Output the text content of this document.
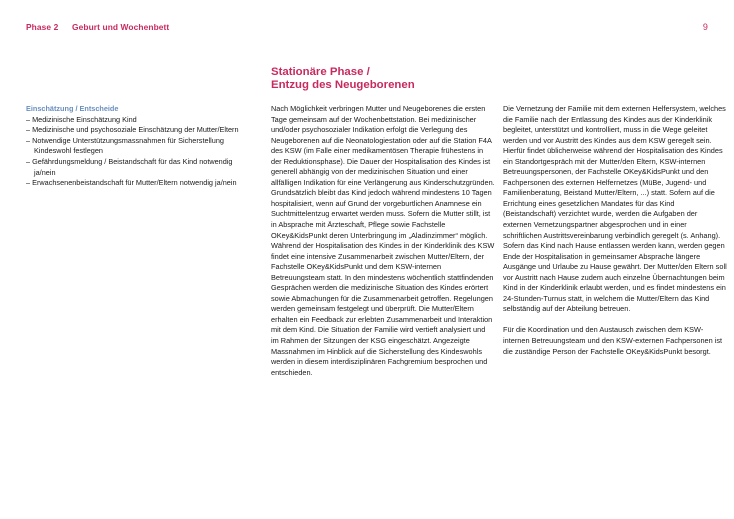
Phase 2 Geburt und Wochenbett	9
Stationäre Phase /
Entzug des Neugeborenen
Einschätzung / Entscheide
– Medizinische Einschätzung Kind
– Medizinische und psychosoziale Einschätzung der Mutter/Eltern
– Notwendige Unterstützungsmassnahmen für Sicherstellung Kindeswohl festlegen
– Gefährdungsmeldung / Beistandschaft für das Kind notwendig ja/nein
– Erwachsenenbeistandschaft für Mutter/Eltern notwendig ja/nein

Nach Möglichkeit verbringen Mutter und Neugeborenes die ersten Tage gemeinsam auf der Wochenbettstation. Bei medizinischer und/oder psychosozialer Indikation erfolgt die Verlegung des Neugeborenen auf die Neonatologiestation oder auf die Station F4A des KSW (im Falle einer medikamentösen Therapie frühestens in der Reduktionsphase). Die Dauer der Hospitalisation des Kindes ist generell abhängig von der medizinischen Situation und einer allfälligen Indikation für eine Verlängerung aus Kinderschutzgründen. Grundsätzlich bleibt das Kind jedoch während mindestens 10 Tagen hospitalisiert, wenn auf Grund der vorgeburtlichen Anamnese ein Suchtmittelentzug erwartet werden muss. Sofern die Mutter stillt, ist in Absprache mit Ärzteschaft, Pflege sowie Fachstelle OKey&KidsPunkt deren Unterbringung im „Aladinzimmer“ möglich. Während der Hospitalisation des Kindes in der Kinderklinik des KSW findet eine intensive Zusammenarbeit zwischen Mutter/Eltern, der Fachstelle OKey&KidsPunkt und dem KSW-internen Betreuungsteam statt. In den mindestens wöchentlich stattfindenden Gesprächen werden die medizinische Situation des Kindes erörtert sowie Abmachungen für die Zusammenarbeit getroffen. Regelungen werden gemeinsam festgelegt und überprüft. Die Mutter/Eltern erhalten ein Feedback zur erlebten Zusammenarbeit und Interaktion mit dem Kind. Die Situation der Familie wird vertieft analysiert und im Rahmen der Sitzungen der KSG eingeschätzt. Angezeigte Massnahmen im Hinblick auf die Sicherstellung des Kindeswohls werden in diesem interdisziplinären Fachgremium besprochen und entschieden.

Die Vernetzung der Familie mit dem externen Helfersystem, welches die Familie nach der Entlassung des Kindes aus der Kinderklinik begleitet, unterstützt und kontrolliert, muss in die Wege geleitet werden und vor Austritt des Kindes aus dem KSW geregelt sein. Hierfür findet üblicherweise während der Hospitalisation des Kindes ein Standortgespräch mit der Mutter/den Eltern, KSW-internen Betreuungspersonen, der Fachstelle OKey&KidsPunkt und den Fachpersonen des externen Helfernetzes (MüBe, Jugend- und Familienberatung, Beistand Mutter/Eltern, ...) statt. Sofern auf die Errichtung eines gesetzlichen Mandates für das Kind (Beistandschaft) verzichtet wurde, werden die Aufgaben der externen Vernetzungspartner abgesprochen und in einer schriftlichen Austrittsvereinbarung verbindlich geregelt (s. Anhang). Sofern das Kind nach Hause entlassen werden kann, werden gegen Ende der Hospitalisation in gemeinsamer Absprache längere Ausgänge und Urlaube zu Hause gewährt. Der Mutter/den Eltern soll vor Austritt nach Hause zudem auch einzelne Übernachtungen beim Kind in der Kinderklinik erlaubt werden, und es findet mindestens ein 24-Stunden-Turnus statt, in welchem die Mutter/Eltern das Kind selbständig auf der Abteilung betreuen.

Für die Koordination und den Austausch zwischen dem KSW-internen Betreuungsteam und den KSW-externen Fachpersonen ist die zuständige Person der Fachstelle OKey&KidsPunkt besorgt.
